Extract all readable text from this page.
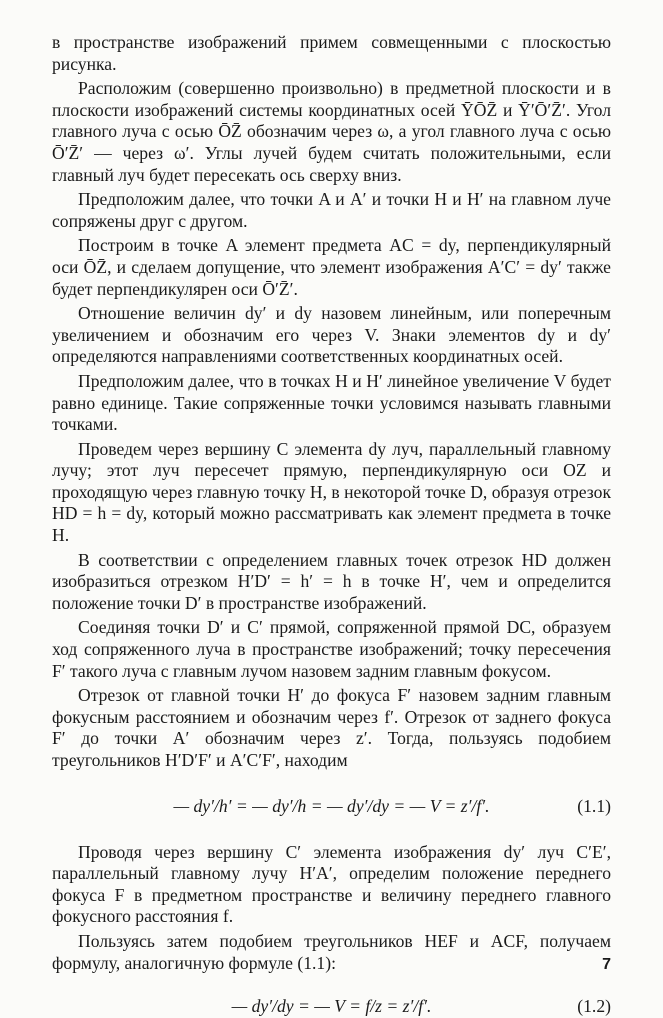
в пространстве изображений примем совмещенными с плоскостью рисунка.

Расположим (совершенно произвольно) в предметной плоскости и в плоскости изображений системы координатных осей ȲŌZ̄ и Ȳ′Ō′Z̄′. Угол главного луча с осью ŌZ̄ обозначим через ω, а угол главного луча с осью Ō′Z̄′ — через ω′. Углы лучей будем считать положительными, если главный луч будет пересекать ось сверху вниз.

Предположим далее, что точки A и A′ и точки H и H′ на главном луче сопряжены друг с другом.

Построим в точке A элемент предмета AC = dy, перпендикулярный оси ŌZ̄, и сделаем допущение, что элемент изображения A′C′ = dy′ также будет перпендикулярен оси Ō′Z̄′.

Отношение величин dy′ и dy назовем линейным, или поперечным увеличением и обозначим его через V. Знаки элементов dy и dy′ определяются направлениями соответственных координатных осей.

Предположим далее, что в точках H и H′ линейное увеличение V будет равно единице. Такие сопряженные точки условимся называть главными точками.

Проведем через вершину C элемента dy луч, параллельный главному лучу; этот луч пересечет прямую, перпендикулярную оси OZ и проходящую через главную точку H, в некоторой точке D, образуя отрезок HD = h = dy, который можно рассматривать как элемент предмета в точке H.

В соответствии с определением главных точек отрезок HD должен изобразиться отрезком H′D′ = h′ = h в точке H′, чем и определится положение точки D′ в пространстве изображений.

Соединяя точки D′ и C′ прямой, сопряженной прямой DC, образуем ход сопряженного луча в пространстве изображений; точку пересечения F′ такого луча с главным лучом назовем задним главным фокусом.

Отрезок от главной точки H′ до фокуса F′ назовем задним главным фокусным расстоянием и обозначим через f′. Отрезок от заднего фокуса F′ до точки A′ обозначим через z′. Тогда, пользуясь подобием треугольников H′D′F′ и A′C′F′, находим

— dy′/h′ = — dy′/h = — dy′/dy = — V = z′/f′.	(1.1)

Проводя через вершину C′ элемента изображения dy′ луч C′E′, параллельный главному лучу H′A′, определим положение переднего фокуса F в предметном пространстве и величину переднего главного фокусного расстояния f.

Пользуясь затем подобием треугольников HEF и ACF, получаем формулу, аналогичную формуле (1.1):

— dy′/dy = — V = f/z = z′/f′.	(1.2)
7
